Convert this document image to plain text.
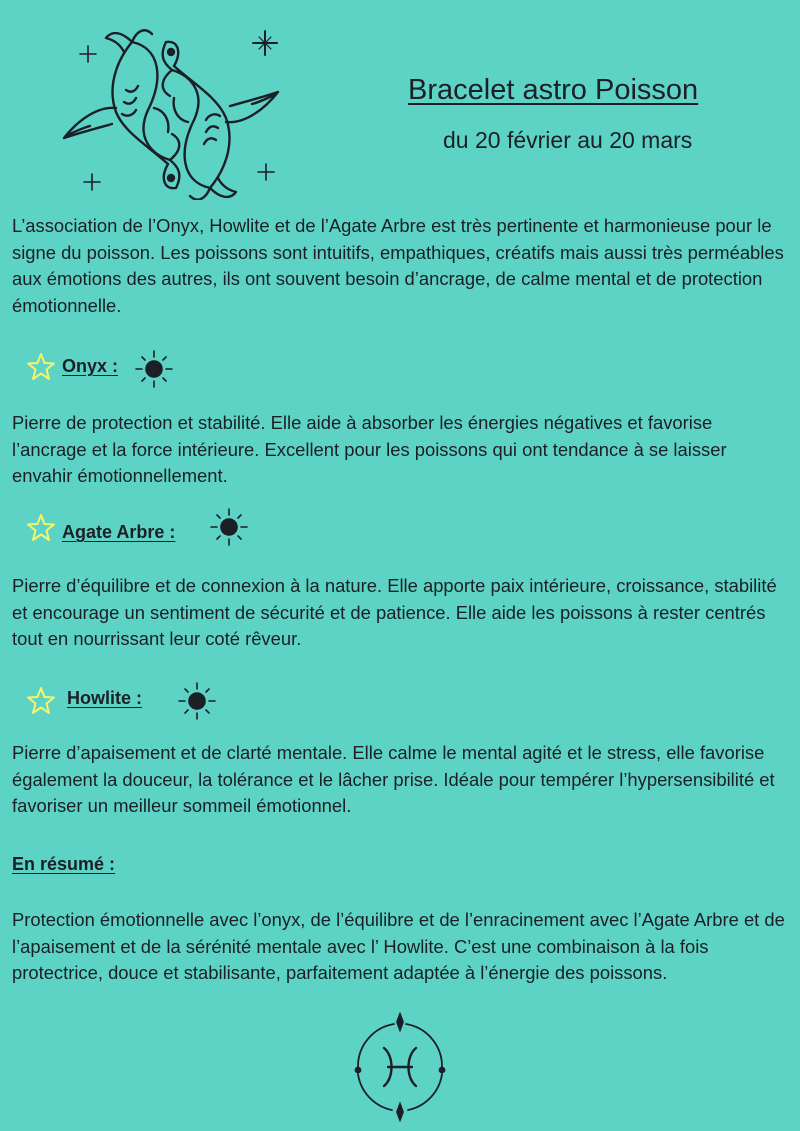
Bracelet astro Poisson
du 20 février au 20 mars
L’association de l’Onyx, Howlite et de l’Agate Arbre est très pertinente et harmonieuse pour le signe du poisson. Les poissons sont intuitifs, empathiques, créatifs mais aussi très perméables aux émotions des autres, ils ont souvent besoin d’ancrage, de calme mental et de protection émotionnelle.
Onyx :
Pierre de protection et stabilité. Elle aide à absorber les énergies négatives et favorise l’ancrage et la force intérieure. Excellent pour les poissons qui ont tendance à se laisser envahir émotionnellement.
Agate Arbre :
Pierre d’équilibre et de connexion à la nature. Elle apporte paix intérieure, croissance, stabilité et encourage un sentiment de sécurité et de patience. Elle aide les poissons à rester centrés tout en nourrissant leur coté rêveur.
Howlite :
Pierre d’apaisement et de clarté mentale. Elle calme le mental agité et le stress, elle favorise également la douceur, la tolérance et le lâcher prise. Idéale pour tempérer l’hypersensibilité et favoriser un meilleur sommeil émotionnel.
En résumé :
Protection émotionnelle avec l’onyx, de l’équilibre et de l’enracinement avec l’Agate Arbre et de l’apaisement et de la sérénité mentale avec l’ Howlite. C’est une combinaison à la fois protectrice, douce et stabilisante, parfaitement adaptée à l’énergie des poissons.
